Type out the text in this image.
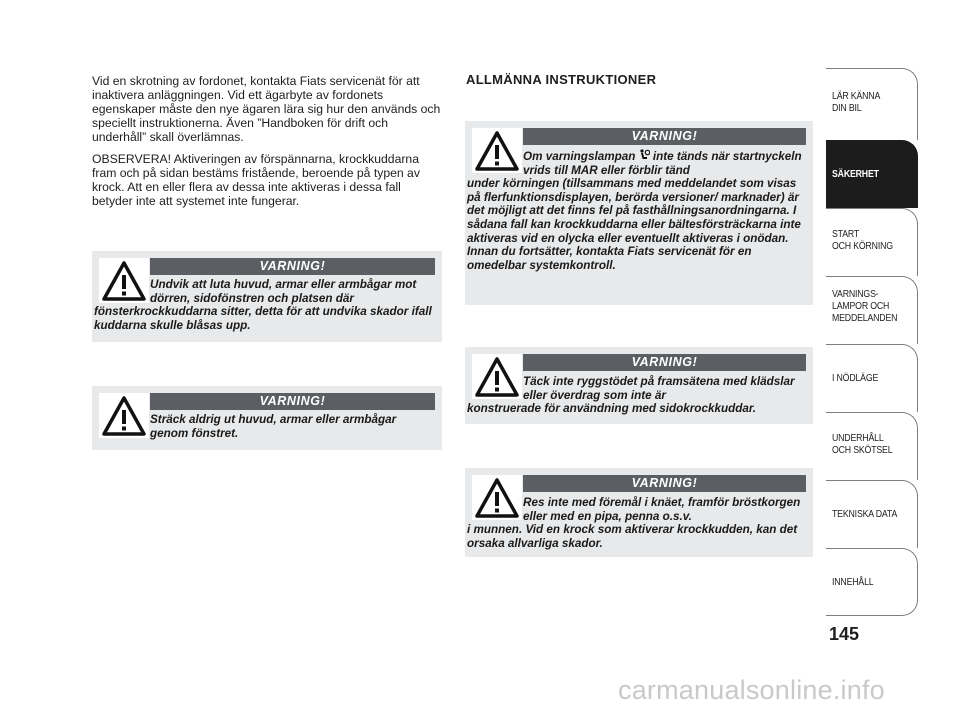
Vid en skrotning av fordonet, kontakta Fiats servicenät för att inaktivera anläggningen. Vid ett ägarbyte av fordonets egenskaper måste den nye ägaren lära sig hur den används och speciellt instruktionerna. Även ”Handboken för drift och underhåll” skall överlämnas.

OBSERVERA! Aktiveringen av förspännarna, krockkuddarna fram och på sidan bestäms fristående, beroende på typen av krock. Att en eller flera av dessa inte aktiveras i dessa fall betyder inte att systemet inte fungerar.

ALLMÄNNA INSTRUKTIONER
VARNING!
Undvik att luta huvud, armar eller armbågar mot dörren, sidofönstren och platsen där
fönsterkrockkuddarna sitter, detta för att undvika skador ifall kuddarna skulle blåsas upp.
VARNING!
Sträck aldrig ut huvud, armar eller armbågar genom fönstret.
VARNING!
Om varningslampan inte tänds när startnyckeln vrids till MAR eller förblir tänd
under körningen (tillsammans med meddelandet som visas på flerfunktionsdisplayen, berörda versioner/ marknader) är det möjligt att det finns fel på fasthållningsanordningarna. I sådana fall kan krockkuddarna eller bältesförsträckarna inte aktiveras vid en olycka eller eventuellt aktiveras i onödan. Innan du fortsätter, kontakta Fiats servicenät för en omedelbar systemkontroll.
VARNING!
Täck inte ryggstödet på framsätena med klädslar eller överdrag som inte är
konstruerade för användning med sidokrockkuddar.
VARNING!
Res inte med föremål i knäet, framför bröstkorgen eller med en pipa, penna o.s.v.
i munnen. Vid en krock som aktiverar krockkudden, kan det orsaka allvarliga skador.
LÄR KÄNNA
DIN BIL
SÄKERHET
START
OCH KÖRNING
VARNINGS-
LAMPOR OCH
MEDDELANDEN
I NÖDLÄGE
UNDERHÅLL
OCH SKÖTSEL
TEKNISKA DATA
INNEHÅLL
145
carmanualsonline.info
